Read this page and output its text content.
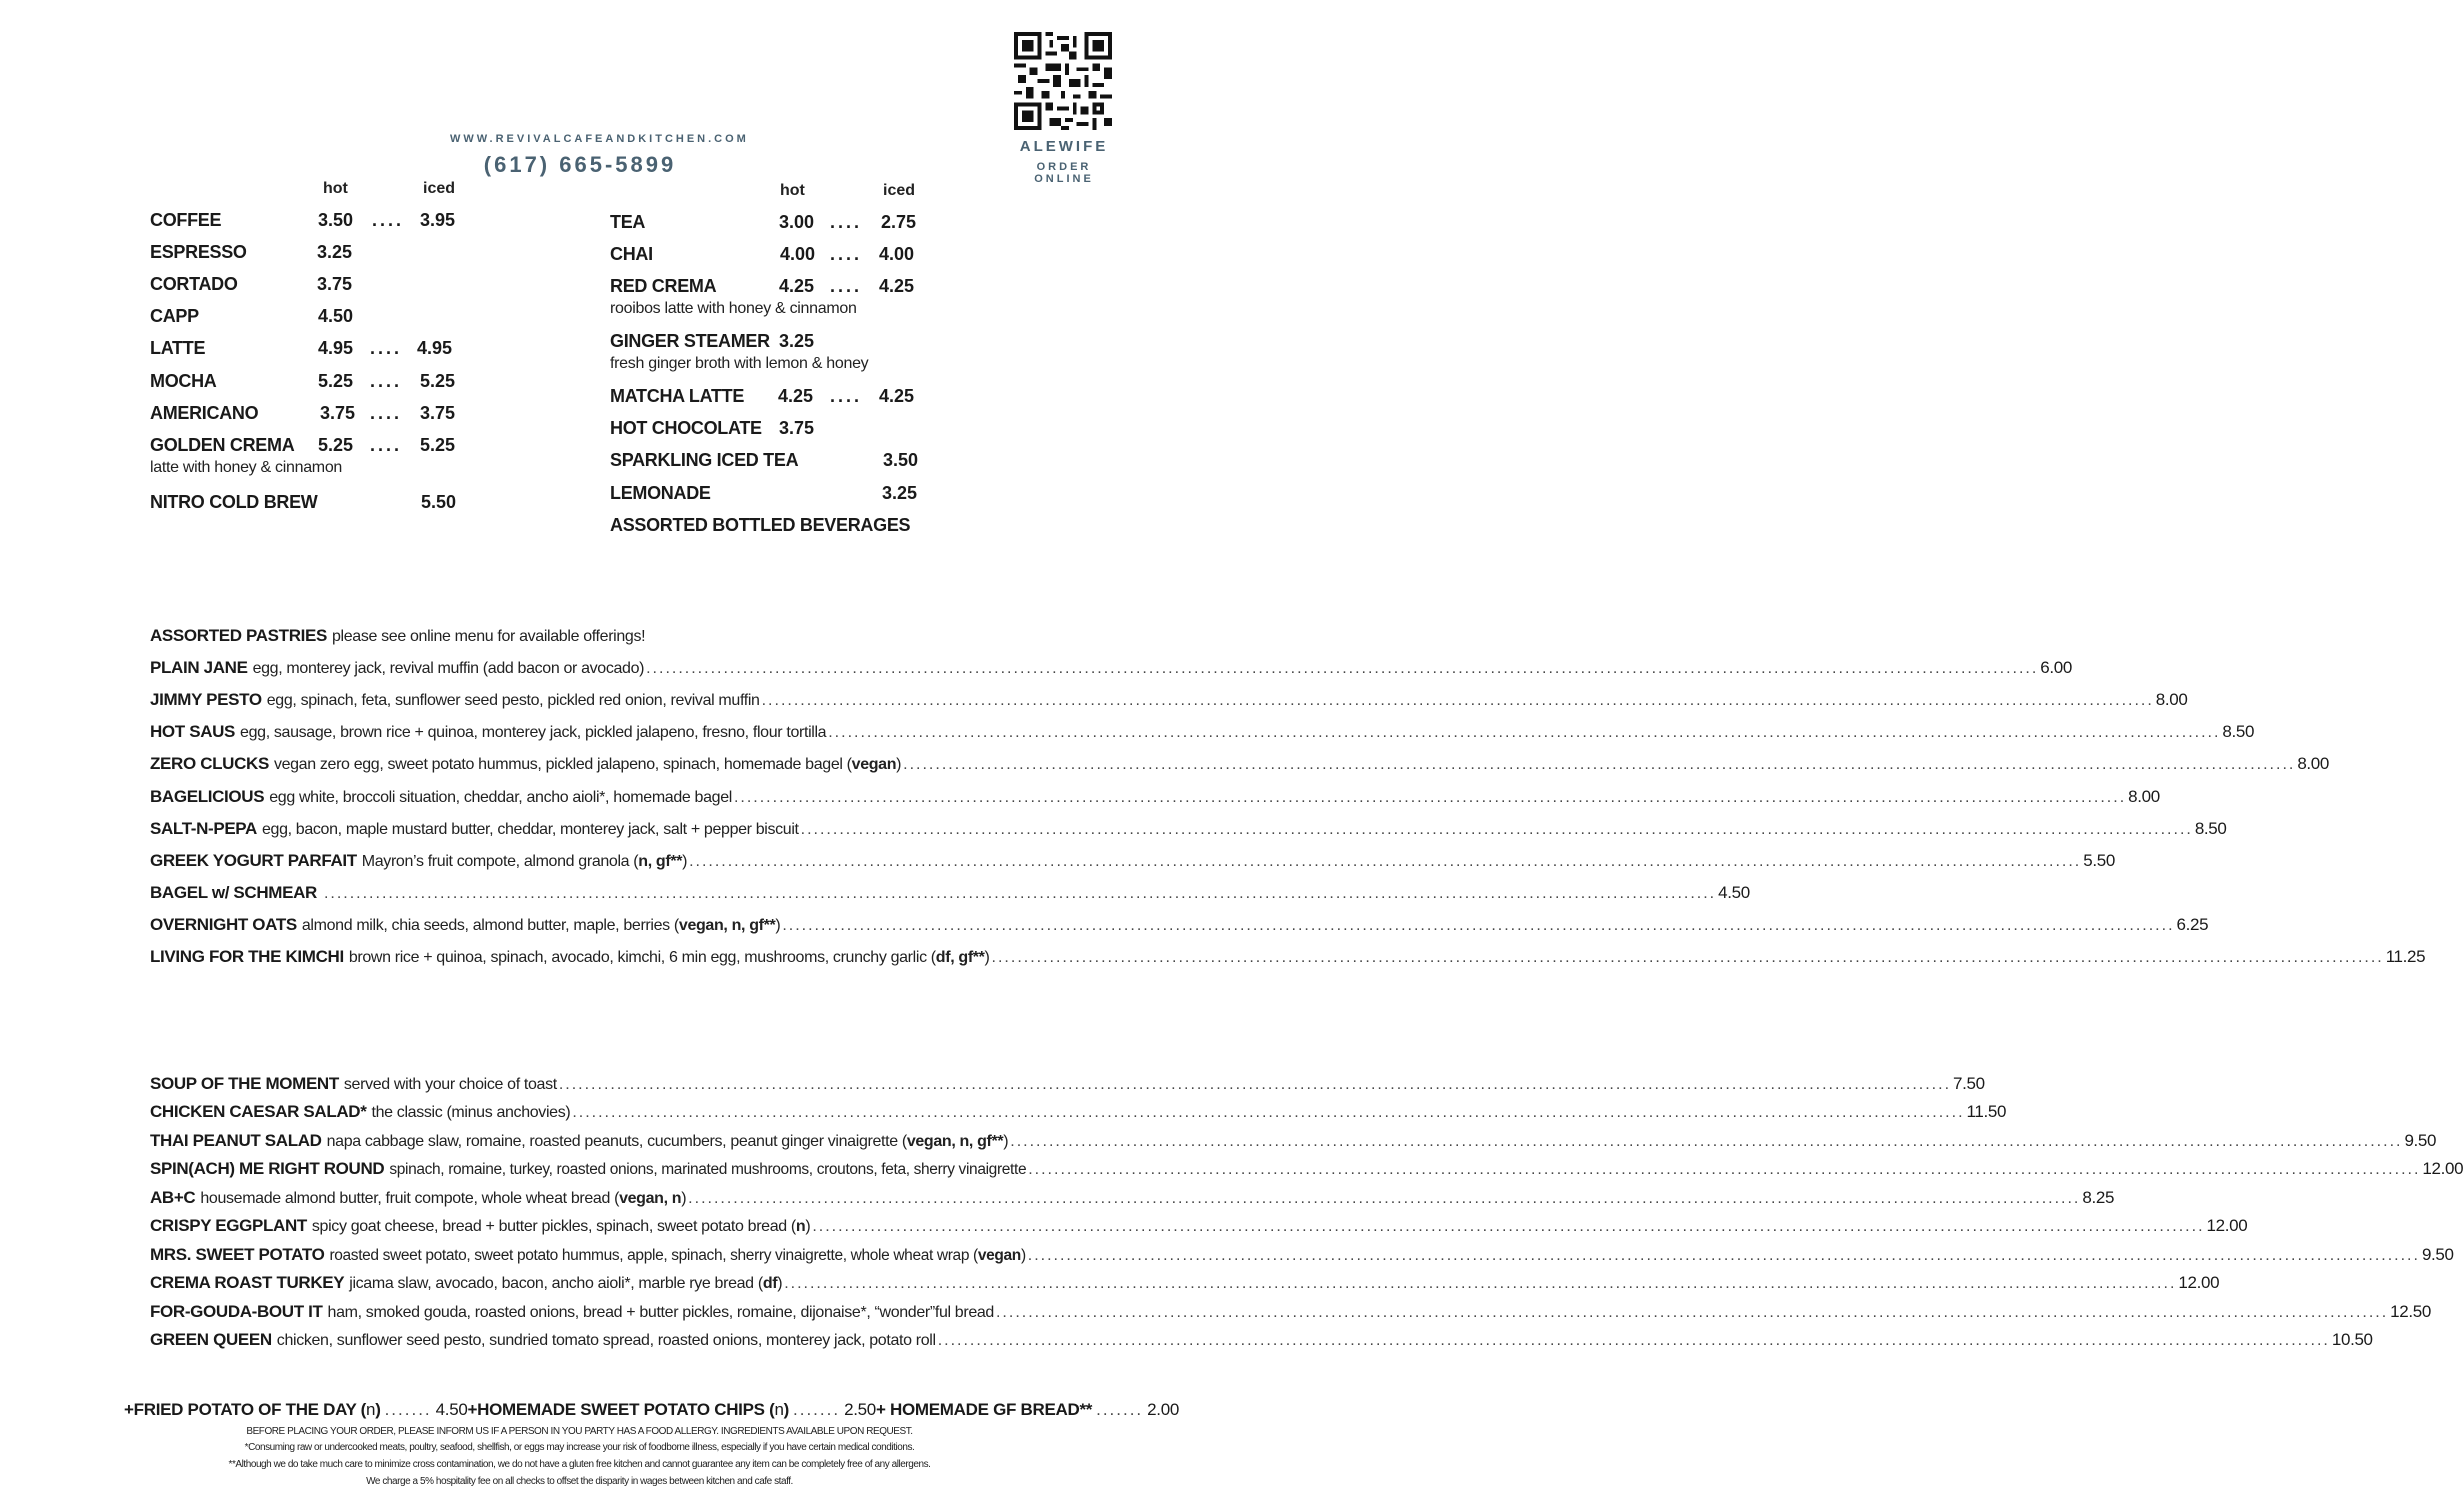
WWW.REVIVALCAFEANDKITCHEN.COM
(617) 665-5899
ALEWIFE
ORDER ONLINE
hot	iced	hot	iced
COFFEE	3.50 .... 3.95
ESPRESSO	3.25
CORTADO	3.75
CAPP	4.50
LATTE	4.95 .... 4.95
MOCHA	5.25 .... 5.25
AMERICANO	3.75 .... 3.75
GOLDEN CREMA 5.25 .... 5.25
latte with honey & cinnamon
NITRO COLD BREW	5.50
TEA	3.00 .... 2.75
CHAI	4.00 .... 4.00
RED CREMA	4.25 .... 4.25
rooibos latte with honey & cinnamon
GINGER STEAMER 3.25
fresh ginger broth with lemon & honey
MATCHA LATTE 4.25 .... 4.25
HOT CHOCOLATE 3.75
SPARKLING ICED TEA	3.50
LEMONADE	3.25
ASSORTED BOTTLED BEVERAGES
ASSORTED PASTRIES please see online menu for available offerings!
PLAIN JANE egg, monterey jack, revival muffin (add bacon or avocado) .....	6.00
JIMMY PESTO egg, spinach, feta, sunflower seed pesto, pickled red onion, revival muffin .....	8.00
HOT SAUS egg, sausage, brown rice + quinoa, monterey jack, pickled jalapeno, fresno, flour tortilla .....	8.50
ZERO CLUCKS vegan zero egg, sweet potato hummus, pickled jalapeno, spinach, homemade bagel (vegan) .....	8.00
BAGELICIOUS egg white, broccoli situation, cheddar, ancho aioli*, homemade bagel .....	8.00
SALT-N-PEPA egg, bacon, maple mustard butter, cheddar, monterey jack, salt + pepper biscuit .....	8.50
GREEK YOGURT PARFAIT Mayron’s fruit compote, almond granola (n, gf**) .....	5.50
BAGEL w/ SCHMEAR .....	4.50
OVERNIGHT OATS almond milk, chia seeds, almond butter, maple, berries (vegan, n, gf**) .....	6.25
LIVING FOR THE KIMCHI brown rice + quinoa, spinach, avocado, kimchi, 6 min egg, mushrooms, crunchy garlic (df, gf**) .....	11.25
SOUP OF THE MOMENT served with your choice of toast .....	7.50
CHICKEN CAESAR SALAD* the classic (minus anchovies) .....	11.50
THAI PEANUT SALAD napa cabbage slaw, romaine, roasted peanuts, cucumbers, peanut ginger vinaigrette (vegan, n, gf**) .....	9.50
SPIN(ACH) ME RIGHT ROUND spinach, romaine, turkey, roasted onions, marinated mushrooms, croutons, feta, sherry vinaigrette .....	12.00
AB+C housemade almond butter, fruit compote, whole wheat bread (vegan, n) .....	8.25
CRISPY EGGPLANT spicy goat cheese, bread + butter pickles, spinach, sweet potato bread (n) .....	12.00
MRS. SWEET POTATO roasted sweet potato, sweet potato hummus, apple, spinach, sherry vinaigrette, whole wheat wrap (vegan) .....	9.50
CREMA ROAST TURKEY jicama slaw, avocado, bacon, ancho aioli*, marble rye bread (df) .....	12.00
FOR-GOUDA-BOUT IT ham, smoked gouda, roasted onions, bread + butter pickles, romaine, dijonaise*, “wonder”ful bread .....	12.50
GREEN QUEEN chicken, sunflower seed pesto, sundried tomato spread, roasted onions, monterey jack, potato roll .....	10.50
+FRIED POTATO OF THE DAY ( n ) ....... 4.50 +HOMEMADE SWEET POTATO CHIPS ( n ) ....... 2.50 + HOMEMADE GF BREAD** ....... 2.00
BEFORE PLACING YOUR ORDER, PLEASE INFORM US IF A PERSON IN YOU PARTY HAS A FOOD ALLERGY. INGREDIENTS AVAILABLE UPON REQUEST.
*Consuming raw or undercooked meats, poultry, seafood, shellfish, or eggs may increase your risk of foodborne illness, especially if you have certain medical conditions.
**Although we do take much care to minimize cross contamination, we do not have a gluten free kitchen and cannot guarantee any item can be completely free of any allergens.
We charge a 5% hospitality fee on all checks to offset the disparity in wages between kitchen and cafe staff.
